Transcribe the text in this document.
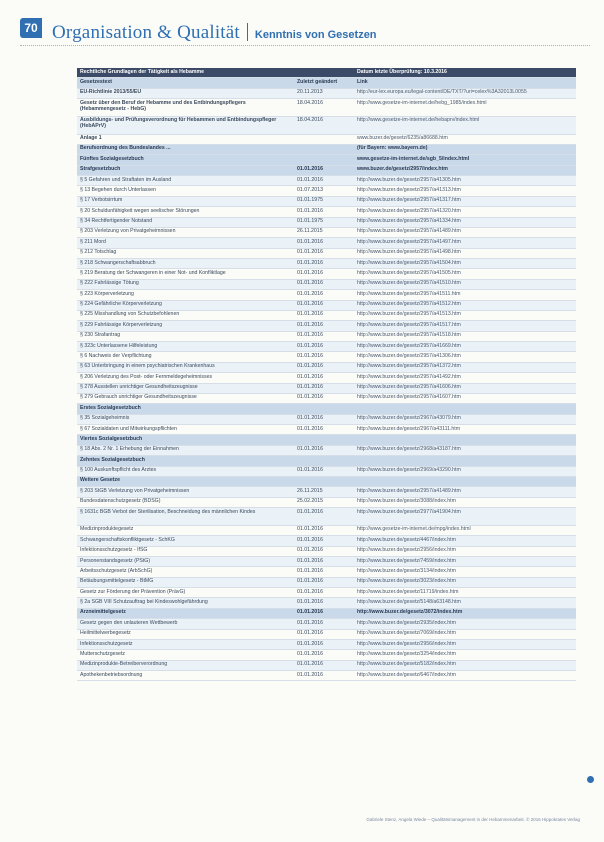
70 Organisation & Qualität Kenntnis von Gesetzen
Rechtliche Grundlagen der Tätigkeit als Hebamme		Datum letzte Überprüfung: 10.3.2016
Gesetzestext	Zuletzt geändert	Link
EU-Richtlinie 2013/55/EU	20.11.2013	http://eur-lex.europa.eu/legal-content/DE/TXT/?uri=celex%3A32013L0055
Gesetz über den Beruf der Hebamme und des Entbindungspflegers (Hebammengesetz - HebG)	18.04.2016	http://www.gesetze-im-internet.de/hebg_1985/index.html
Ausbildungs- und Prüfungsverordnung für Hebammen und Entbindungspfleger (HebAPrV)	18.04.2016	http://www.gesetze-im-internet.de/hebaprv/index.html
Anlage 1		www.buzer.de/gesetz/6235/a86688.htm
Berufsordnung des Bundeslandes ...		(für Bayern: www.bayern.de)
Fünftes Sozialgesetzbuch		www.gesetze-im-internet.de/sgb_5/index.html
Strafgesetzbuch	01.01.2016	www.buzer.de/gesetz/2957/index.htm
§ 5 Gefahren und Straftaten im Ausland	01.01.2016	http://www.buzer.de/gesetz/2957/a41305.htm
§ 13 Begehen durch Unterlassen	01.07.2013	http://www.buzer.de/gesetz/2957/a41313.htm
§ 17 Verbotsirrtum	01.01.1975	http://www.buzer.de/gesetz/2957/a41317.htm
§ 20 Schuldunfähigkeit wegen seelischer Störungen	01.01.2016	http://www.buzer.de/gesetz/2957/a41320.htm
§ 34 Rechtfertigender Notstand	01.01.1975	http://www.buzer.de/gesetz/2957/a41334.htm
§ 203 Verletzung von Privatgeheimnissen	26.11.2015	http://www.buzer.de/gesetz/2957/a41489.htm
§ 211 Mord	01.01.2016	http://www.buzer.de/gesetz/2957/a41497.htm
§ 212 Totschlag	01.01.2016	http://www.buzer.de/gesetz/2957/a41498.htm
§ 218 Schwangerschaftsabbruch	01.01.2016	http://www.buzer.de/gesetz/2957/a41504.htm
§ 219 Beratung der Schwangeren in einer Not- und Konfliktlage	01.01.2016	http://www.buzer.de/gesetz/2957/a41505.htm
§ 222 Fahrlässige Tötung	01.01.2016	http://www.buzer.de/gesetz/2957/a41510.htm
§ 223 Körperverletzung	01.01.2016	http://www.buzer.de/gesetz/2957/a41511.htm
§ 224 Gefährliche Körperverletzung	01.01.2016	http://www.buzer.de/gesetz/2957/a41512.htm
§ 225 Misshandlung von Schutzbefohlenen	01.01.2016	http://www.buzer.de/gesetz/2957/a41513.htm
§ 229 Fahrlässige Körperverletzung	01.01.2016	http://www.buzer.de/gesetz/2957/a41517.htm
§ 230 Strafantrag	01.01.2016	http://www.buzer.de/gesetz/2957/a41518.htm
§ 323c Unterlassene Hilfeleistung	01.01.2016	http://www.buzer.de/gesetz/2957/a41669.htm
§ 6 Nachweis der Verpflichtung	01.01.2016	http://www.buzer.de/gesetz/2957/a41306.htm
§ 63 Unterbringung in einem psychiatrischen Krankenhaus	01.01.2016	http://www.buzer.de/gesetz/2957/a41372.htm
§ 206 Verletzung des Post- oder Fernmeldegeheimnisses	01.01.2016	http://www.buzer.de/gesetz/2957/a41492.htm
§ 278 Ausstellen unrichtiger Gesundheitszeugnisse	01.01.2016	http://www.buzer.de/gesetz/2957/a41606.htm
§ 279 Gebrauch unrichtiger Gesundheitszeugnisse	01.01.2016	http://www.buzer.de/gesetz/2957/a41607.htm
Erstes Sozialgesetzbuch		
§ 35 Sozialgeheimnis	01.01.2016	http://www.buzer.de/gesetz/2967/a43079.htm
§ 67 Sozialdaten und Mitwirkungspflichten	01.01.2016	http://www.buzer.de/gesetz/2967/a43111.htm
Viertes Sozialgesetzbuch		
§ 18 Abs. 2 Nr. 1 Erhebung der Einnahmen	01.01.2016	http://www.buzer.de/gesetz/2968/a43187.htm
Zehntes Sozialgesetzbuch		
§ 100 Auskunftspflicht des Arztes	01.01.2016	http://www.buzer.de/gesetz/2969/a43290.htm
Weitere Gesetze		
§ 203 StGB Verletzung von Privatgeheimnissen	26.11.2015	http://www.buzer.de/gesetz/2957/a41489.htm
Bundesdatenschutzgesetz (BDSG)	25.02.2015	http://www.buzer.de/gesetz/3088/index.htm
§ 1631c BGB Verbot der Sterilisation, Beschneidung des männlichen Kindes	01.01.2016	http://www.buzer.de/gesetz/2977/a41904.htm
Medizinproduktegesetz	01.01.2016	http://www.gesetze-im-internet.de/mpg/index.html
Schwangerschaftskonfliktgesetz - SchKG	01.01.2016	http://www.buzer.de/gesetz/4467/index.htm
Infektionsschutzgesetz - IfSG	01.01.2016	http://www.buzer.de/gesetz/2956/index.htm
Personenstandsgesetz (PStG)	01.01.2016	http://www.buzer.de/gesetz/7459/index.htm
Arbeitsschutzgesetz (ArbSchG)	01.01.2016	http://www.buzer.de/gesetz/3134/index.htm
Betäubungsmittelgesetz - BtMG	01.01.2016	http://www.buzer.de/gesetz/3023/index.htm
Gesetz zur Förderung der Prävention (PrävG)	01.01.2016	http://www.buzer.de/gesetz/11719/index.htm
§ 2a SGB VIII Schutzauftrag bei Kindeswohlgefährdung	01.01.2016	http://www.buzer.de/gesetz/5148/a63148.htm
Arzneimittelgesetz	01.01.2016	http://www.buzer.de/gesetz/3072/index.htm
Gesetz gegen den unlauteren Wettbewerb	01.01.2016	http://www.buzer.de/gesetz/2935/index.htm
Heilmittelwerbegesetz	01.01.2016	http://www.buzer.de/gesetz/7069/index.htm
Infektionsschutzgesetz	01.01.2016	http://www.buzer.de/gesetz/2956/index.htm
Mutterschutzgesetz	01.01.2016	http://www.buzer.de/gesetz/3254/index.htm
Medizinprodukte-Betreiberverordnung	01.01.2016	http://www.buzer.de/gesetz/5182/index.htm
Apothekenbetriebsordnung	01.01.2016	http://www.buzer.de/gesetz/6467/index.htm
Gabriele Stenz, Angela Wiede – Qualitätsmanagement in der Hebammenarbeit. © 2016 Hippokrates Verlag
